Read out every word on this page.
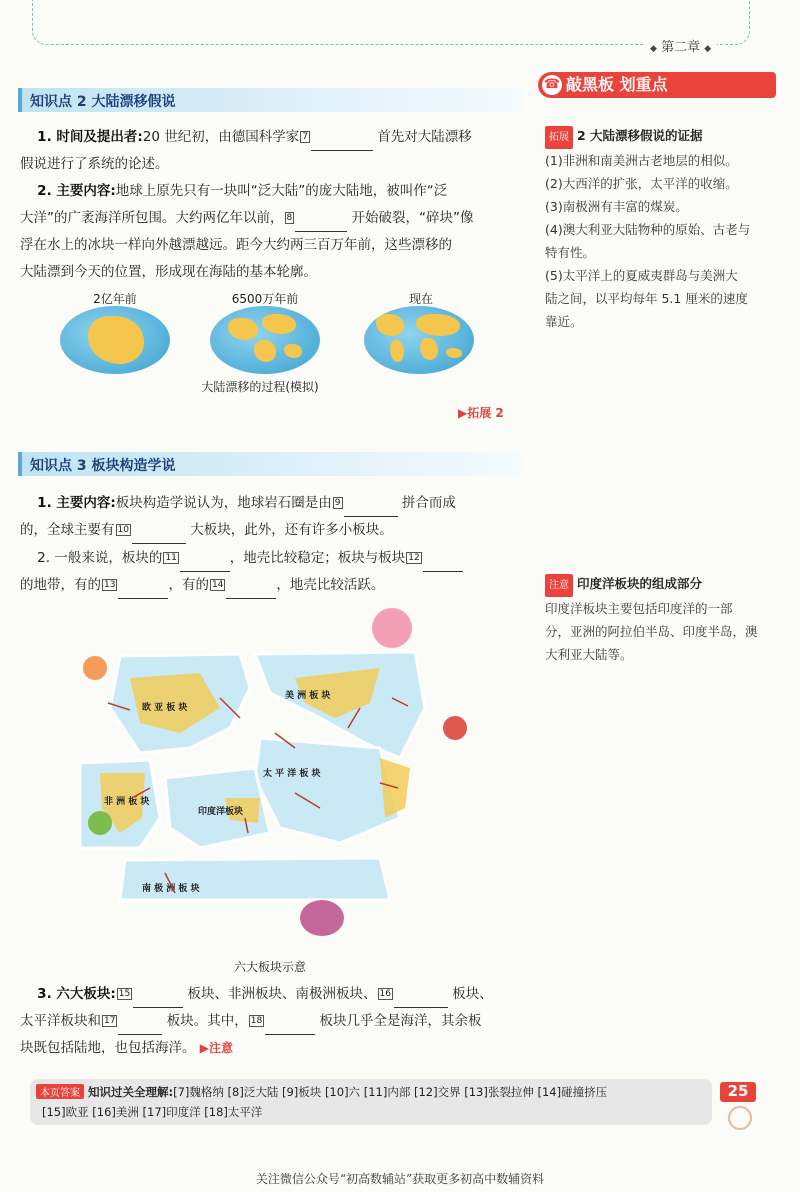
◆ 第二章 ◆
知识点 2 大陆漂移假说
1. 时间及提出者:20 世纪初，由德国科学家 7	首先对大陆漂移
假说进行了系统的论述。
2. 主要内容:地球上原先只有一块叫“泛大陆”的庞大陆地，被叫作“泛
大洋”的广袤海洋所包围。大约两亿年以前， 8	开始破裂，“碎块”像
浮在水上的冰块一样向外越漂越远。距今大约两三百万年前，这些漂移的
大陆漂到今天的位置，形成现在海陆的基本轮廓。
2亿年前	6500万年前	现在
大陆漂移的过程(模拟)
▶拓展 2
知识点 3 板块构造学说
1. 主要内容:板块构造学说认为，地球岩石圈是由 9	拼合而成
的，全球主要有 10	大板块，此外，还有许多小板块。
2. 一般来说，板块的 11	，地壳比较稳定；板块与板块 12
的地带，有的 13	，有的 14	，地壳比较活跃。
欧 亚 板 块
美 洲 板 块
太 平 洋 板 块
非 洲 板 块
印度洋板块
南 极 洲 板 块
六大板块示意
3. 六大板块: 15	板块、非洲板块、南极洲板块、 16	板块、
太平洋板块和 17	板块。其中， 18	板块几乎全是海洋，其余板
块既包括陆地，也包括海洋。 ▶注意
☎ 敲黑板 划重点
拓展 2 大陆漂移假说的证据
(1)非洲和南美洲古老地层的相似。
(2)大西洋的扩张，太平洋的收缩。
(3)南极洲有丰富的煤炭。
(4)澳大利亚大陆物种的原始、古老与
特有性。
(5)太平洋上的夏威夷群岛与美洲大
陆之间，以平均每年 5.1 厘米的速度
靠近。
注意 印度洋板块的组成部分
印度洋板块主要包括印度洋的一部
分，亚洲的阿拉伯半岛、印度半岛，澳
大利亚大陆等。
本页答案 知识过关全理解:[7]魏格纳 [8]泛大陆 [9]板块 [10]六 [11]内部 [12]交界 [13]张裂拉伸 [14]碰撞挤压
[15]欧亚 [16]美洲 [17]印度洋 [18]太平洋
25
关注微信公众号“初高数辅站”获取更多初高中数辅资料
